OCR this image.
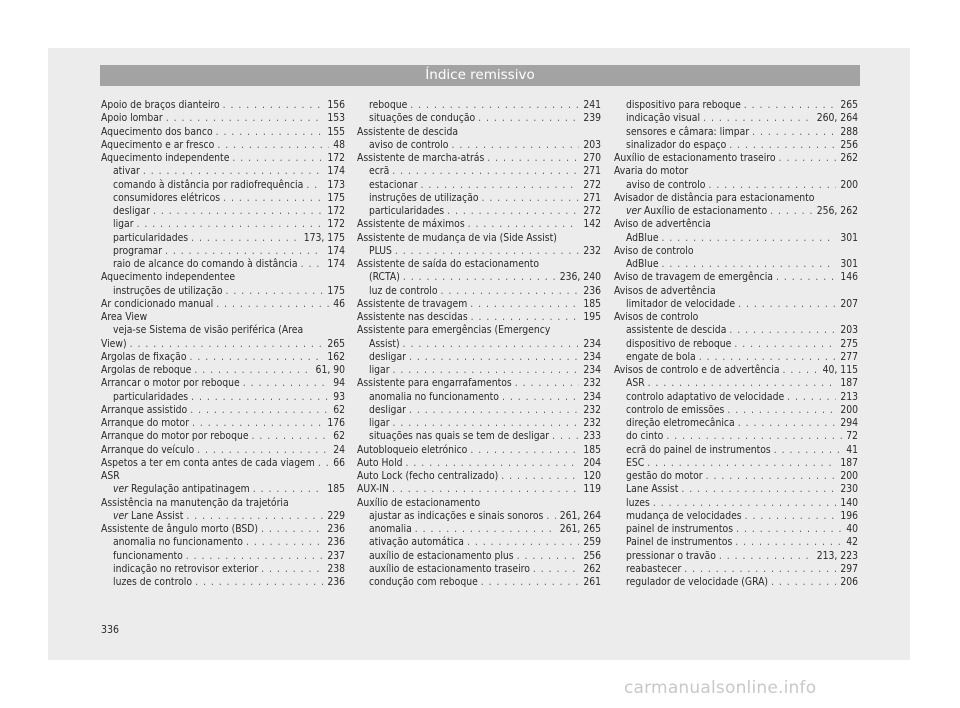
Índice remissivo
Apoio de braços dianteiro . . .	156
Apoio lombar . . .	153
Aquecimento dos banco . . .	155
Aquecimento e ar fresco . . .	48
Aquecimento independente . . .	172
ativar . . .	174
comando à distância por radiofrequência . . .	173
consumidores elétricos . . .	175
desligar . . .	172
ligar . . .	172
particularidades . . .	173, 175
programar . . .	174
raio de alcance do comando à distância . . .	174
Aquecimento independentee
instruções de utilização . . .	175
Ar condicionado manual . . .	46
Area View
veja-se Sistema de visão periférica (Area
View) . . .	265
Argolas de fixação . . .	162
Argolas de reboque . . .	61, 90
Arrancar o motor por reboque . . .	94
particularidades . . .	93
Arranque assistido . . .	62
Arranque do motor . . .	176
Arranque do motor por reboque . . .	62
Arranque do veículo . . .	24
Aspetos a ter em conta antes de cada viagem . . .	66
ASR
ver Regulação antipatinagem . . .	185
Assistência na manutenção da trajetória
ver Lane Assist . . .	229
Assistente de ângulo morto (BSD) . . .	236
anomalia no funcionamento . . .	236
funcionamento . . .	237
indicação no retrovisor exterior . . .	238
luzes de controlo . . .	236
reboque . . .	241
situações de condução . . .	239
Assistente de descida
aviso de controlo . . .	203
Assistente de marcha-atrás . . .	270
ecrã . . .	271
estacionar . . .	272
instruções de utilização . . .	271
particularidades . . .	272
Assistente de máximos . . .	142
Assistente de mudança de via (Side Assist)
PLUS . . .	232
Assistente de saída do estacionamento
(RCTA) . . .	236, 240
luz de controlo . . .	236
Assistente de travagem . . .	185
Assistente nas descidas . . .	195
Assistente para emergências (Emergency
Assist) . . .	234
desligar . . .	234
ligar . . .	234
Assistente para engarrafamentos . . .	232
anomalia no funcionamento . . .	234
desligar . . .	232
ligar . . .	232
situações nas quais se tem de desligar . . .	233
Autobloqueio eletrónico . . .	185
Auto Hold . . .	204
Auto Lock (fecho centralizado) . . .	120
AUX-IN . . .	119
Auxílio de estacionamento
ajustar as indicações e sinais sonoros . . .	261, 264
anomalia . . .	261, 265
ativação automática . . .	259
auxílio de estacionamento plus . . .	256
auxílio de estacionamento traseiro . . .	262
condução com reboque . . .	261
dispositivo para reboque . . .	265
indicação visual . . .	260, 264
sensores e câmara: limpar . . .	288
sinalizador do espaço . . .	256
Auxílio de estacionamento traseiro . . .	262
Avaria do motor
aviso de controlo . . .	200
Avisador de distância para estacionamento
ver Auxílio de estacionamento . . .	256, 262
Aviso de advertência
AdBlue . . .	301
Aviso de controlo
AdBlue . . .	301
Aviso de travagem de emergência . . .	146
Avisos de advertência
limitador de velocidade . . .	207
Avisos de controlo
assistente de descida . . .	203
dispositivo de reboque . . .	275
engate de bola . . .	277
Avisos de controlo e de advertência . . .	40, 115
ASR . . .	187
controlo adaptativo de velocidade . . .	213
controlo de emissões . . .	200
direção eletromecânica . . .	294
do cinto . . .	72
ecrã do painel de instrumentos . . .	41
ESC . . .	187
gestão do motor . . .	200
Lane Assist . . .	230
luzes . . .	140
mudança de velocidades . . .	196
painel de instrumentos . . .	40
Painel de instrumentos . . .	42
pressionar o travão . . .	213, 223
reabastecer . . .	297
regulador de velocidade (GRA) . . .	206
336
carmanualsonline.info
